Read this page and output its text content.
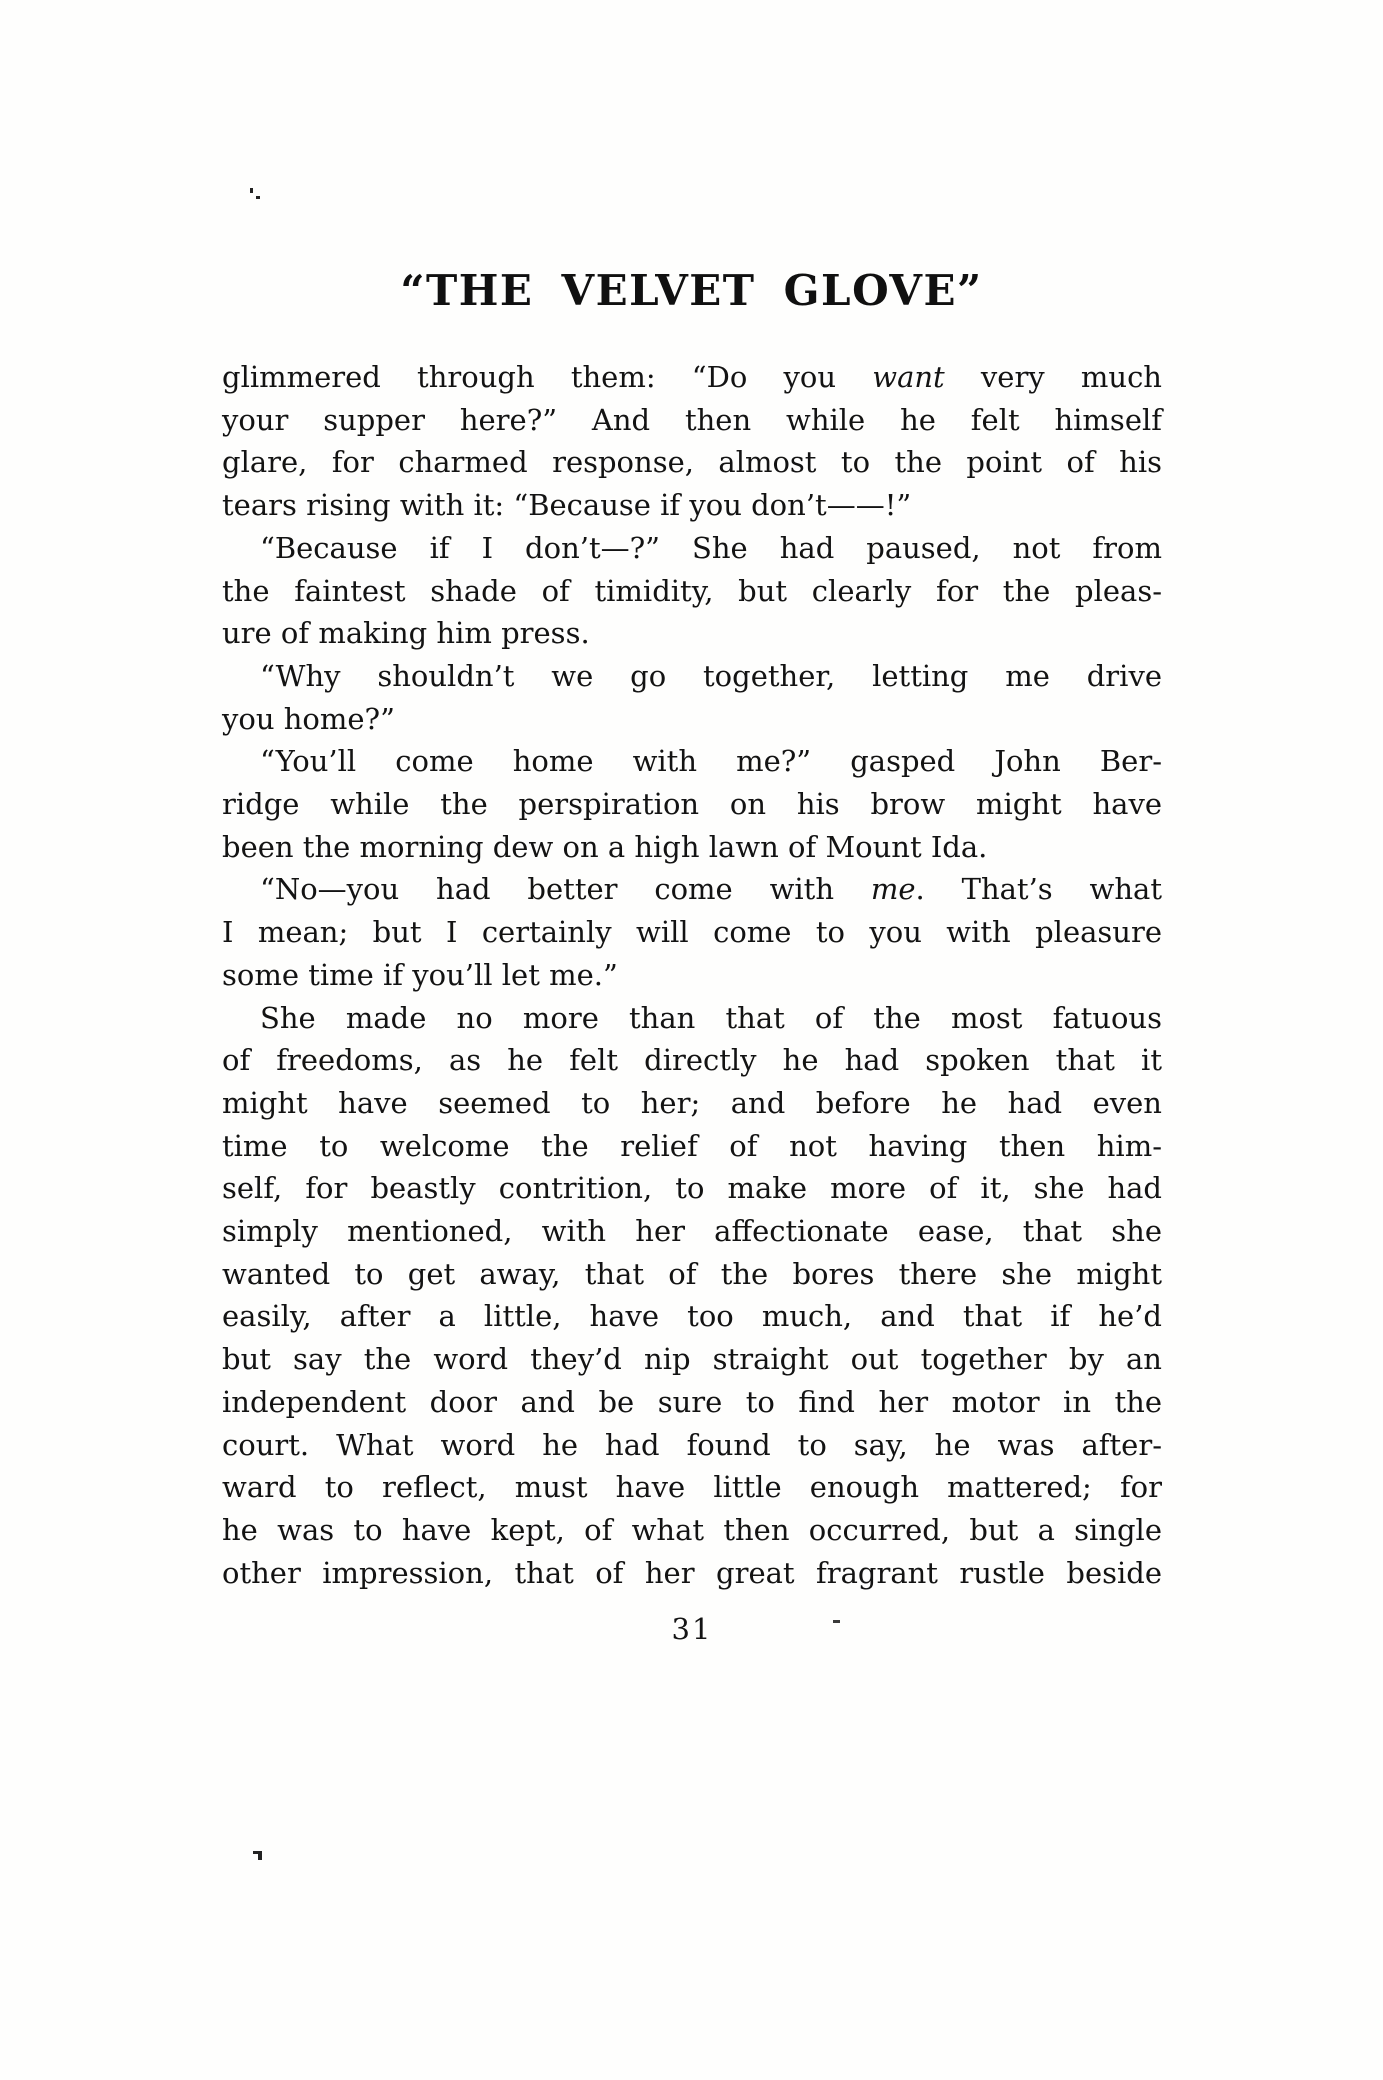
“THE VELVET GLOVE”
glimmered through them: “Do you want very much
your supper here?” And then while he felt himself
glare, for charmed response, almost to the point of his
tears rising with it: “Because if you don’t——!”
“Because if I don’t—?” She had paused, not from
the faintest shade of timidity, but clearly for the pleas-
ure of making him press.
“Why shouldn’t we go together, letting me drive
you home?”
“You’ll come home with me?” gasped John Ber-
ridge while the perspiration on his brow might have
been the morning dew on a high lawn of Mount Ida.
“No—you had better come with me. That’s what
I mean; but I certainly will come to you with pleasure
some time if you’ll let me.”
She made no more than that of the most fatuous
of freedoms, as he felt directly he had spoken that it
might have seemed to her; and before he had even
time to welcome the relief of not having then him-
self, for beastly contrition, to make more of it, she had
simply mentioned, with her affectionate ease, that she
wanted to get away, that of the bores there she might
easily, after a little, have too much, and that if he’d
but say the word they’d nip straight out together by an
independent door and be sure to find her motor in the
court. What word he had found to say, he was after-
ward to reflect, must have little enough mattered; for
he was to have kept, of what then occurred, but a single
other impression, that of her great fragrant rustle beside
31
